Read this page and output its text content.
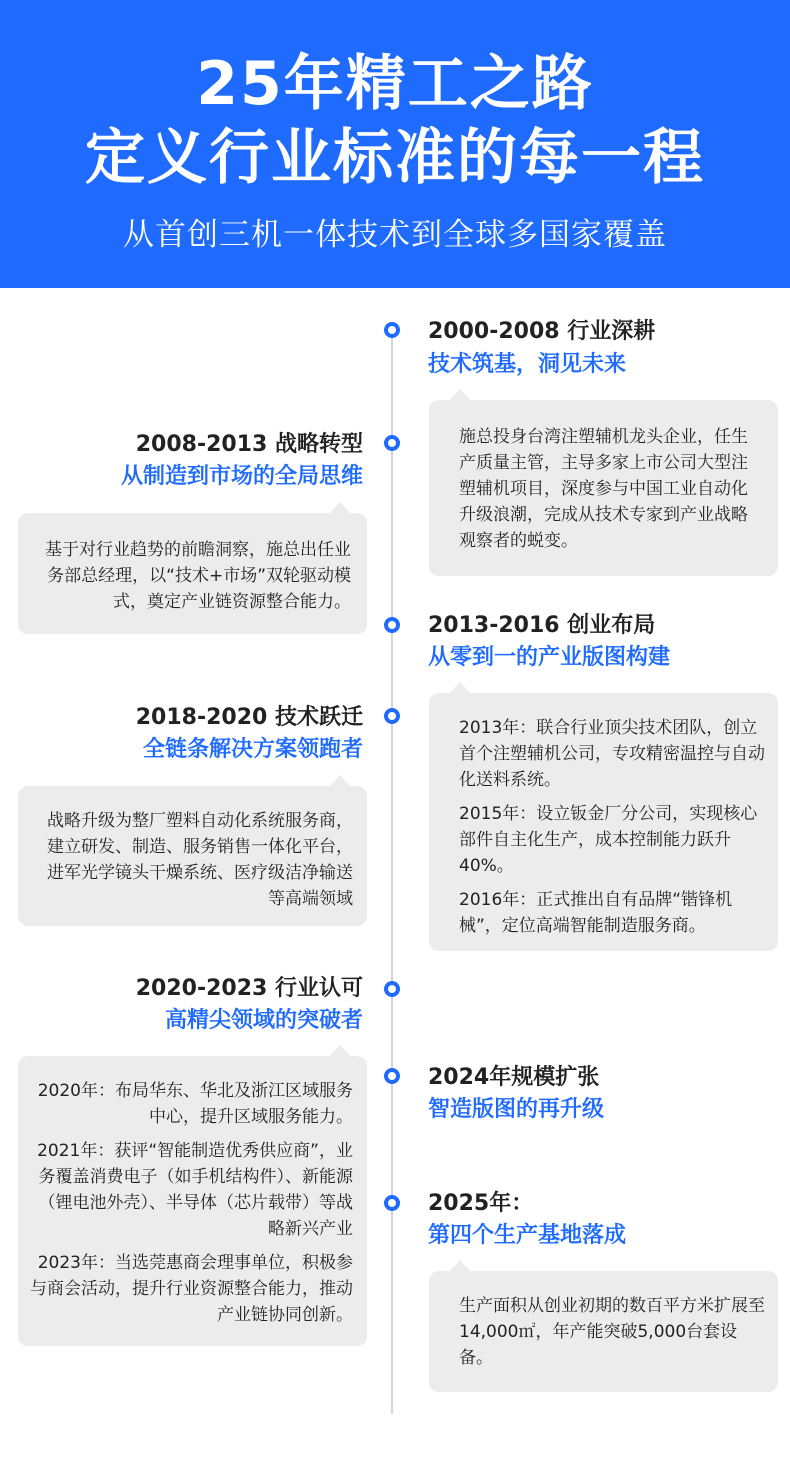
25年精工之路
定义行业标准的每一程
从首创三机一体技术到全球多国家覆盖
2000-2008 行业深耕
技术筑基，洞见未来

施总投身台湾注塑辅机龙头企业，任生产质量主管，主导多家上市公司大型注塑辅机项目，深度参与中国工业自动化升级浪潮，完成从技术专家到产业战略观察者的蜕变。

2008-2013 战略转型
从制造到市场的全局思维

基于对行业趋势的前瞻洞察，施总出任业务部总经理，以“技术+市场”双轮驱动模式，奠定产业链资源整合能力。

2013-2016 创业布局
从零到一的产业版图构建

2013年：联合行业顶尖技术团队，创立首个注塑辅机公司，专攻精密温控与自动化送料系统。

2015年：设立钣金厂分公司，实现核心部件自主化生产，成本控制能力跃升40%。

2016年：正式推出自有品牌“锴锋机械”，定位高端智能制造服务商。

2018-2020 技术跃迁
全链条解决方案领跑者

战略升级为整厂塑料自动化系统服务商，建立研发、制造、服务销售一体化平台，进军光学镜头干燥系统、医疗级洁净输送等高端领域

2020-2023 行业认可
高精尖领域的突破者

2020年：布局华东、华北及浙江区域服务中心，提升区域服务能力。

2021年：获评“智能制造优秀供应商”，业务覆盖消费电子（如手机结构件）、新能源（锂电池外壳）、半导体（芯片载带）等战略新兴产业

2023年：当选莞惠商会理事单位，积极参与商会活动，提升行业资源整合能力，推动产业链协同创新。

2024年规模扩张
智造版图的再升级
2025年：
第四个生产基地落成

生产面积从创业初期的数百平方米扩展至14,000㎡，年产能突破5,000台套设备。
